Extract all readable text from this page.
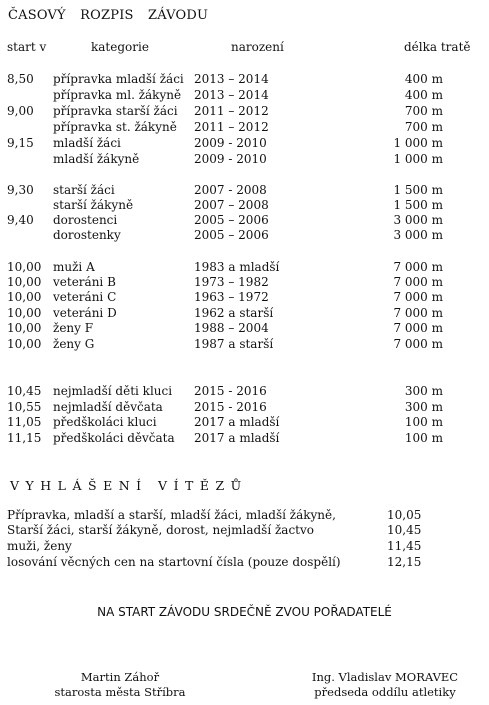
ČASOVÝ ROZPIS ZÁVODU
start v	kategorie	narození	délka tratě
8,50 přípravka mladší žáci 2013 – 2014	400 m
přípravka ml. žákyně 2013 – 2014	400 m
9,00 přípravka starší žáci 2011 – 2012	700 m
přípravka st. žákyně 2011 – 2012	700 m
9,15 mladší žáci	2009 - 2010	1 000 m
mladší žákyně	2009 - 2010	1 000 m
9,30 starší žáci	2007 - 2008	1 500 m
starší žákyně	2007 – 2008	1 500 m
9,40 dorostenci	2005 – 2006	3 000 m
dorostenky	2005 – 2006	3 000 m
10,00 muži A	1983 a mladší	7 000 m
10,00 veteráni B	1973 – 1982	7 000 m
10,00 veteráni C	1963 – 1972	7 000 m
10,00 veteráni D	1962 a starší	7 000 m
10,00 ženy F	1988 – 2004	7 000 m
10,00 ženy G	1987 a starší	7 000 m
10,45 nejmladší děti kluci 2015 - 2016	300 m
10,55 nejmladší děvčata	2015 - 2016	300 m
11,05 předškoláci kluci	2017 a mladší	100 m
11,15 předškoláci děvčata 2017 a mladší	100 m
VYHLÁŠENÍ VÍTĚZŮ
Přípravka, mladší a starší, mladší žáci, mladší žákyně,	10,05
Starší žáci, starší žákyně, dorost, nejmladší žactvo	10,45
muži, ženy	11,45
losování věcných cen na startovní čísla (pouze dospělí)	12,15
NA START ZÁVODU SRDEČNĚ ZVOU POŘADATELÉ
Martin Záhoř
starosta města Stříbra
Ing. Vladislav MORAVEC
předseda oddílu atletiky
